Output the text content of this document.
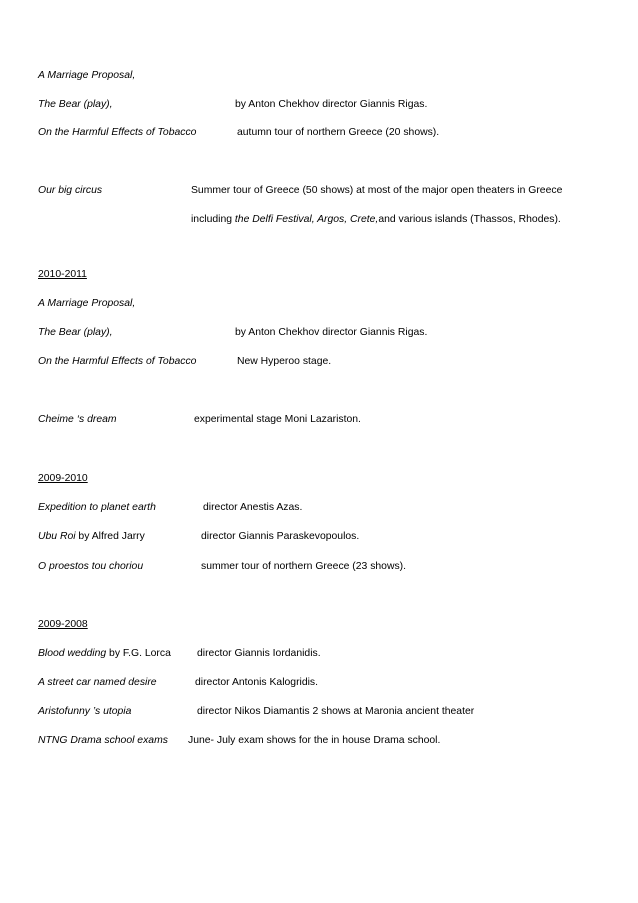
A Marriage Proposal,
The Bear (play),	by Anton Chekhov director Giannis Rigas.
On the Harmful Effects of Tobacco	autumn tour of northern Greece (20 shows).
Our big circus	Summer tour of Greece (50 shows) at most of the major open theaters in Greece
including the Delfi Festival, Argos, Crete,and various islands (Thassos, Rhodes).
2010-2011
A Marriage Proposal,
The Bear (play),	by Anton Chekhov director Giannis Rigas.
On the Harmful Effects of Tobacco	New Hyperoo stage.
Cheime ‘s dream	experimental stage Moni Lazariston.
2009-2010
Expedition to planet earth	director Anestis Azas.
Ubu Roi by Alfred Jarry	director Giannis Paraskevopoulos.
O proestos tou choriou	summer tour of northern Greece (23 shows).
2009-2008
Blood wedding by F.G. Lorca	director Giannis Iordanidis.
A street car named desire	director Antonis Kalogridis.
Aristofunny ’s utopia	director Nikos Diamantis 2 shows at Maronia ancient theater
NTNG Drama school exams June- July exam shows for the in house Drama school.
